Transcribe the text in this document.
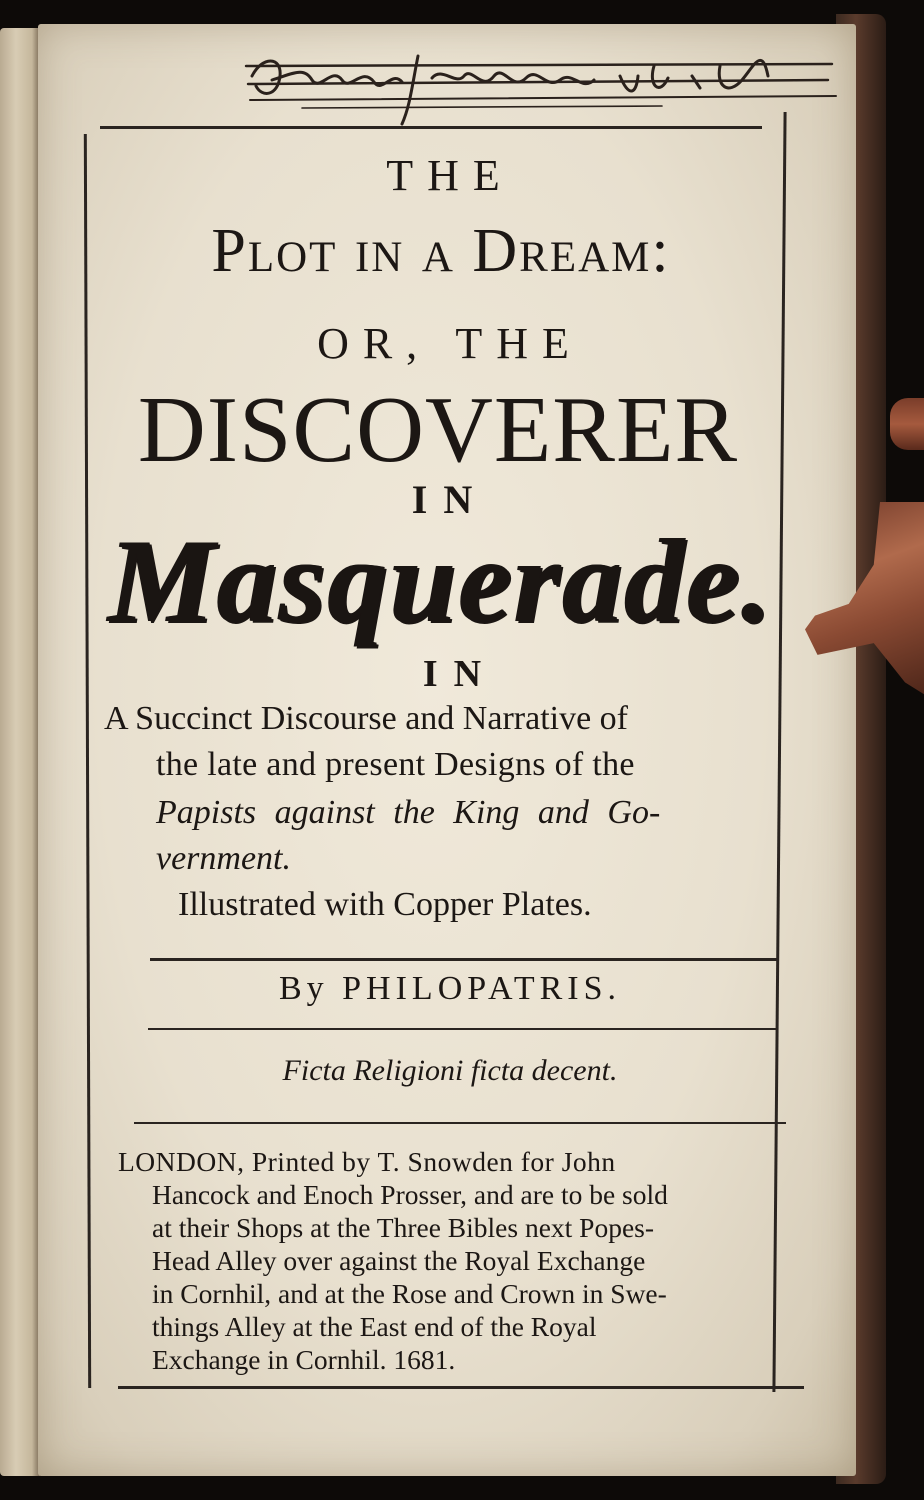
THE
Plot in a Dream:
OR, THE
DISCOVERER
IN
Masquerade.
IN
A Succinct Discourse and Narrative of
the late and present Designs of the
Papists against the King and Go-
vernment.
Illustrated with Copper Plates.
By PHILOPATRIS.
Ficta Religioni ficta decent.
LONDON, Printed by T. Snowden for John
Hancock and Enoch Prosser, and are to be sold
at their Shops at the Three Bibles next Popes-
Head Alley over against the Royal Exchange
in Cornhil, and at the Rose and Crown in Swe-
things Alley at the East end of the Royal
Exchange in Cornhil. 1681.
